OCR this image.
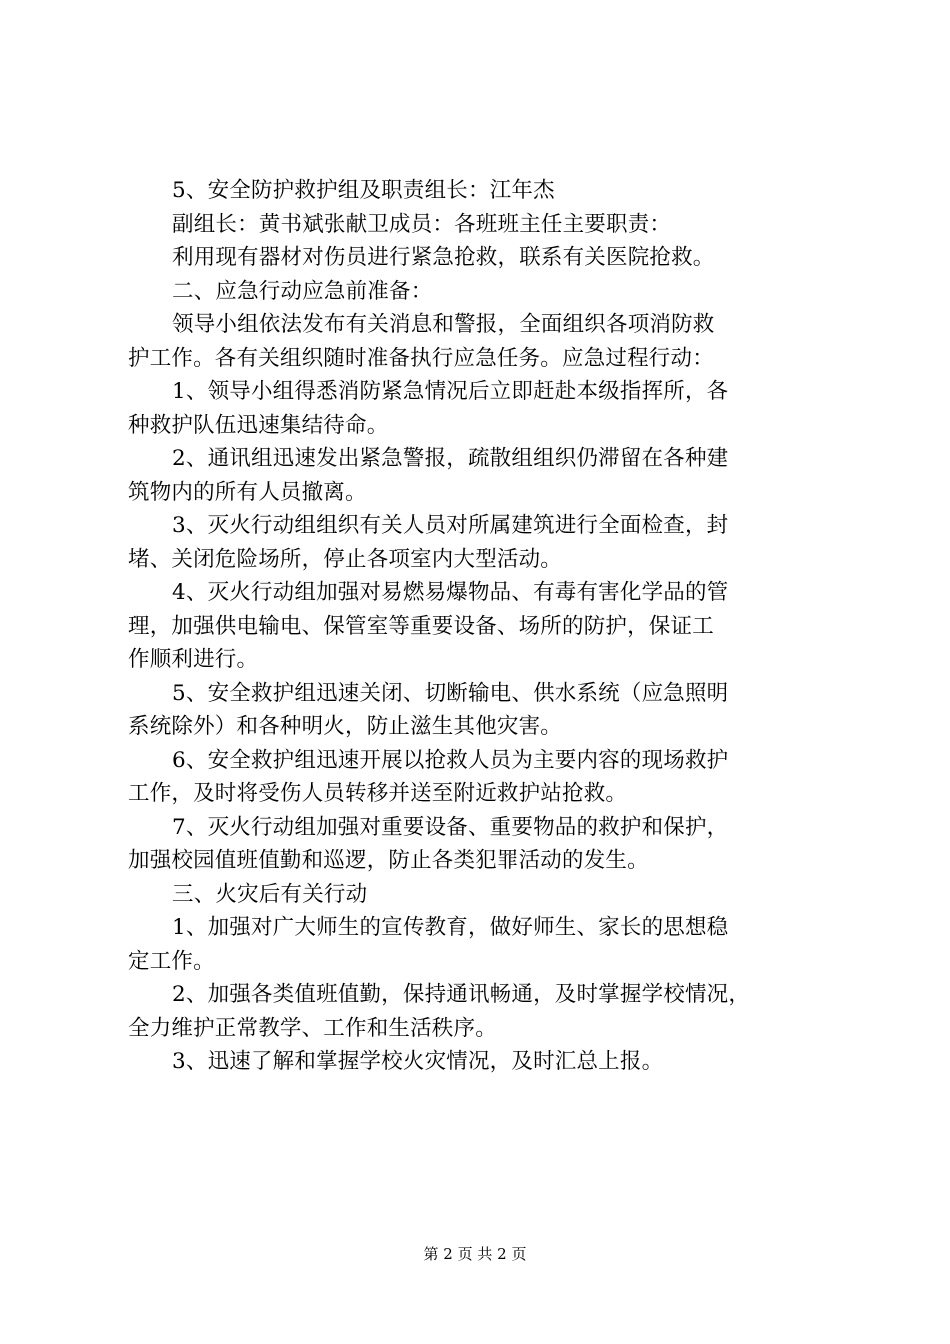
5、安全防护救护组及职责组长：江年杰
副组长：黄书斌张献卫成员：各班班主任主要职责：
利用现有器材对伤员进行紧急抢救，联系有关医院抢救。
二、应急行动应急前准备：
领导小组依法发布有关消息和警报，全面组织各项消防救
护工作。各有关组织随时准备执行应急任务。应急过程行动：
1、领导小组得悉消防紧急情况后立即赶赴本级指挥所，各
种救护队伍迅速集结待命。
2、通讯组迅速发出紧急警报，疏散组组织仍滞留在各种建
筑物内的所有人员撤离。
3、灭火行动组组织有关人员对所属建筑进行全面检查，封
堵、关闭危险场所，停止各项室内大型活动。
4、灭火行动组加强对易燃易爆物品、有毒有害化学品的管
理，加强供电输电、保管室等重要设备、场所的防护，保证工
作顺利进行。
5、安全救护组迅速关闭、切断输电、供水系统（应急照明
系统除外）和各种明火，防止滋生其他灾害。
6、安全救护组迅速开展以抢救人员为主要内容的现场救护
工作，及时将受伤人员转移并送至附近救护站抢救。
7、灭火行动组加强对重要设备、重要物品的救护和保护，
加强校园值班值勤和巡逻，防止各类犯罪活动的发生。
三、火灾后有关行动
1、加强对广大师生的宣传教育，做好师生、家长的思想稳
定工作。
2、加强各类值班值勤，保持通讯畅通，及时掌握学校情况，
全力维护正常教学、工作和生活秩序。
3、迅速了解和掌握学校火灾情况，及时汇总上报。
第 2 页 共 2 页
